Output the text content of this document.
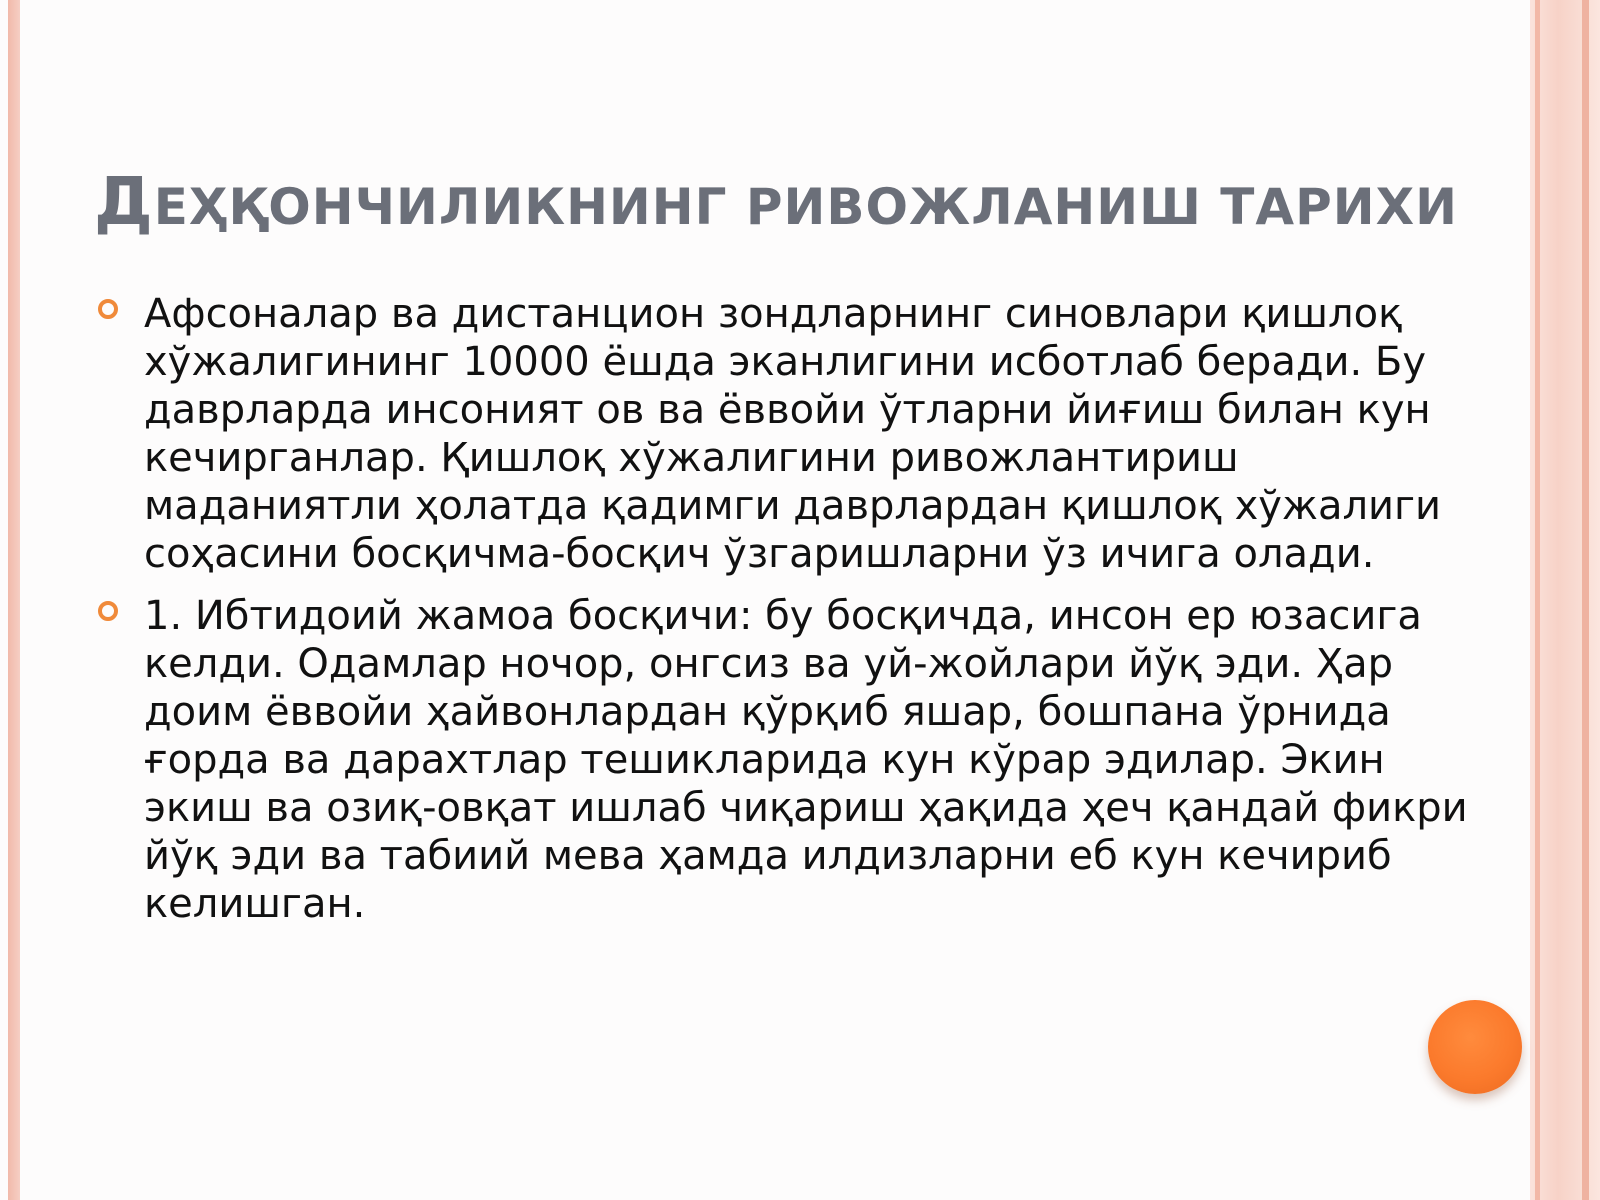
ДЕҲҚОНЧИЛИКНИНГ РИВОЖЛАНИШ ТАРИХИ

Афсоналар ва дистанцион зондларнинг синовлари қишлоқ хўжалигининг 10000 ёшда эканлигини исботлаб беради. Бу даврларда инсоният ов ва ёввойи ўтларни йиғиш билан кун кечирганлар. Қишлоқ хўжалигини ривожлантириш маданиятли ҳолатда қадимги даврлардан қишлоқ хўжалиги соҳасини босқичма-босқич ўзгаришларни ўз ичига олади.

1. Ибтидоий жамоа босқичи: бу босқичда, инсон ер юзасига келди. Одамлар ночор, онгсиз ва уй-жойлари йўқ эди. Ҳар доим ёввойи ҳайвонлардан қўрқиб яшар, бошпана ўрнида ғорда ва дарахтлар тешикларида кун кўрар эдилар. Экин экиш ва озиқ-овқат ишлаб чиқариш ҳақида ҳеч қандай фикри йўқ эди ва табиий мева ҳамда илдизларни еб кун кечириб келишган.
